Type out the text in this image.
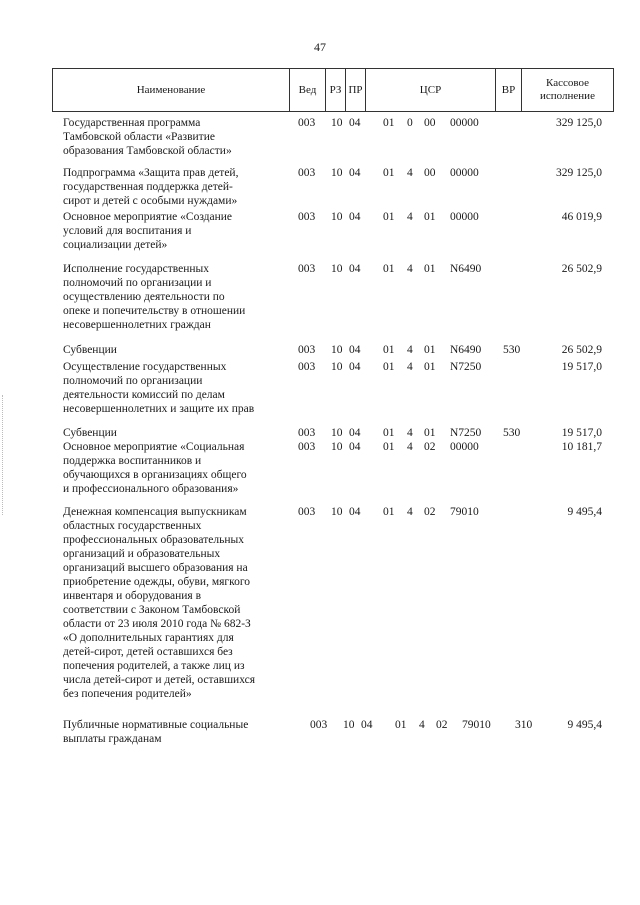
47
Наименование	Вед	РЗ ПР	ЦСР	ВР
Кассовое
исполнение
Государственная программа
Тамбовской области «Развитие
образования Тамбовской области»
003 10 04 01 0 00 00000	329 125,0
Подпрограмма «Защита прав детей,
государственная поддержка детей-
сирот и детей с особыми нуждами»
003 10 04 01 4 00 00000	329 125,0
Основное мероприятие «Создание
условий для воспитания и
социализации детей»
003 10 04 01 4 01 00000	46 019,9
Исполнение государственных
полномочий по организации и
осуществлению деятельности по
опеке и попечительству в отношении
несовершеннолетних граждан
003 10 04 01 4 01 N6490	26 502,9
Субвенции	003 10 04 01 4 01 N6490 530	26 502,9
Осуществление государственных
полномочий по организации
деятельности комиссий по делам
несовершеннолетних и защите их прав
003 10 04 01 4 01 N7250	19 517,0
Субвенции	003 10 04 01 4 01 N7250 530	19 517,0
Основное мероприятие «Социальная
поддержка воспитанников и
обучающихся в организациях общего
и профессионального образования»
003 10 04 01 4 02 00000	10 181,7
Денежная компенсация выпускникам
областных государственных
профессиональных образовательных
организаций и образовательных
организаций высшего образования на
приобретение одежды, обуви, мягкого
инвентаря и оборудования в
соответствии с Законом Тамбовской
области от 23 июля 2010 года № 682-З
«О дополнительных гарантиях для
детей-сирот, детей оставшихся без
попечения родителей, а также лиц из
числа детей-сирот и детей, оставшихся
без попечения родителей»
003 10 04 01 4 02 79010	9 495,4
Публичные нормативные социальные
выплаты гражданам
003 10 04 01 4 02 79010 310	9 495,4
